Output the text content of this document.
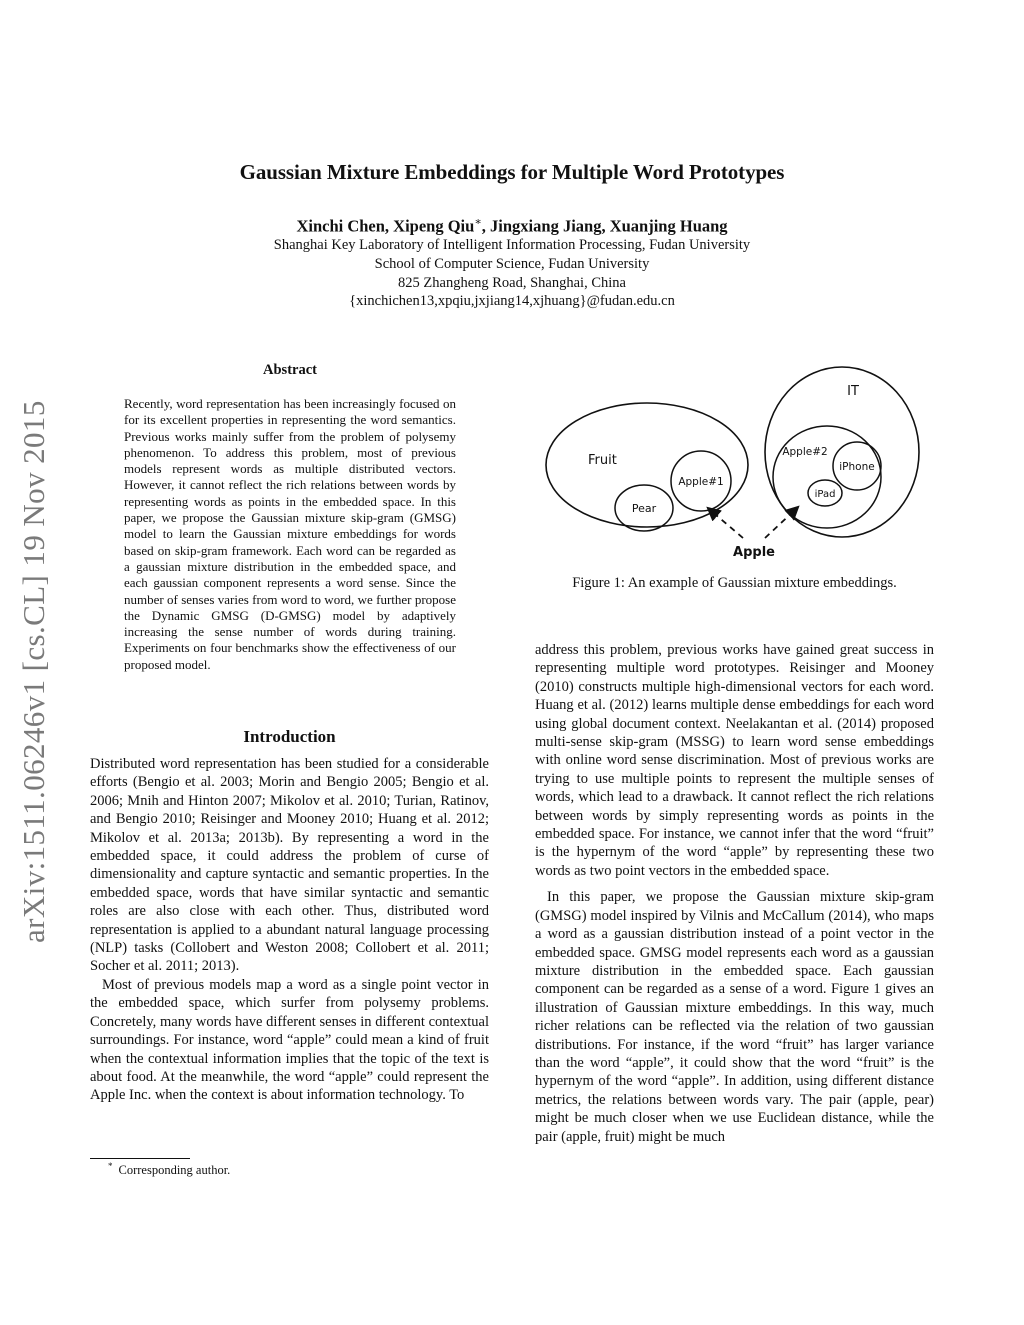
arXiv:1511.06246v1 [cs.CL] 19 Nov 2015
Gaussian Mixture Embeddings for Multiple Word Prototypes
Xinchi Chen, Xipeng Qiu∗, Jingxiang Jiang, Xuanjing Huang
Shanghai Key Laboratory of Intelligent Information Processing, Fudan University
School of Computer Science, Fudan University
825 Zhangheng Road, Shanghai, China
{xinchichen13,xpqiu,jxjiang14,xjhuang}@fudan.edu.cn
Abstract
Recently, word representation has been increasingly focused on for its excellent properties in representing the word semantics. Previous works mainly suffer from the problem of polysemy phenomenon. To address this problem, most of previous models represent words as multiple distributed vectors. However, it cannot reflect the rich relations between words by representing words as points in the embedded space. In this paper, we propose the Gaussian mixture skip-gram (GMSG) model to learn the Gaussian mixture embeddings for words based on skip-gram framework. Each word can be regarded as a gaussian mixture distribution in the embedded space, and each gaussian component represents a word sense. Since the number of senses varies from word to word, we further propose the Dynamic GMSG (D-GMSG) model by adaptively increasing the sense number of words during training. Experiments on four benchmarks show the effectiveness of our proposed model.
Introduction

Distributed word representation has been studied for a considerable efforts (Bengio et al. 2003; Morin and Bengio 2005; Bengio et al. 2006; Mnih and Hinton 2007; Mikolov et al. 2010; Turian, Ratinov, and Bengio 2010; Reisinger and Mooney 2010; Huang et al. 2012; Mikolov et al. 2013a; 2013b). By representing a word in the embedded space, it could address the problem of curse of dimensionality and capture syntactic and semantic properties. In the embedded space, words that have similar syntactic and semantic roles are also close with each other. Thus, distributed word representation is applied to a abundant natural language processing (NLP) tasks (Collobert and Weston 2008; Collobert et al. 2011; Socher et al. 2011; 2013).

Most of previous models map a word as a single point vector in the embedded space, which surfer from polysemy problems. Concretely, many words have different senses in different contextual surroundings. For instance, word “apple” could mean a kind of fruit when the contextual information implies that the topic of the text is about food. At the meanwhile, the word “apple” could represent the Apple Inc. when the context is about information technology. To

* Corresponding author.
Fruit
Pear
Apple#1
IT
Apple#2
iPhone
iPad
Apple
Figure 1: An example of Gaussian mixture embeddings.

address this problem, previous works have gained great success in representing multiple word prototypes. Reisinger and Mooney (2010) constructs multiple high-dimensional vectors for each word. Huang et al. (2012) learns multiple dense embeddings for each word using global document context. Neelakantan et al. (2014) proposed multi-sense skip-gram (MSSG) to learn word sense embeddings with online word sense discrimination. Most of previous works are trying to use multiple points to represent the multiple senses of words, which lead to a drawback. It cannot reflect the rich relations between words by simply representing words as points in the embedded space. For instance, we cannot infer that the word “fruit” is the hypernym of the word “apple” by representing these two words as two point vectors in the embedded space.

In this paper, we propose the Gaussian mixture skip-gram (GMSG) model inspired by Vilnis and McCallum (2014), who maps a word as a gaussian distribution instead of a point vector in the embedded space. GMSG model represents each word as a gaussian mixture distribution in the embedded space. Each gaussian component can be regarded as a sense of a word. Figure 1 gives an illustration of Gaussian mixture embeddings. In this way, much richer relations can be reflected via the relation of two gaussian distributions. For instance, if the word “fruit” has larger variance than the word “apple”, it could show that the word “fruit” is the hypernym of the word “apple”. In addition, using different distance metrics, the relations between words vary. The pair (apple, pear) might be much closer when we use Euclidean distance, while the pair (apple, fruit) might be much
